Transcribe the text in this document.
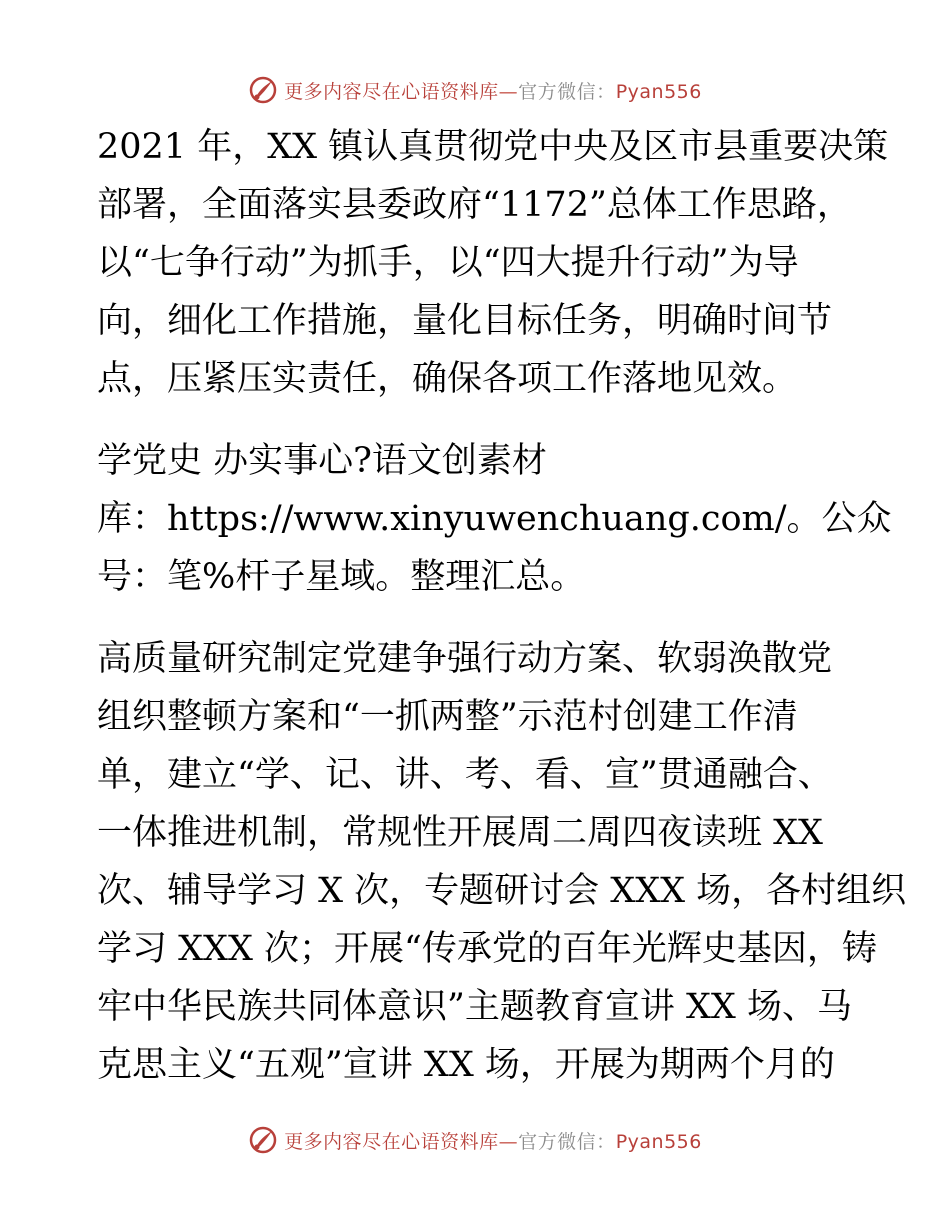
更多内容尽在心语资料库—官方微信：Pyan556
2021 年，XX 镇认真贯彻党中央及区市县重要决策
部署，全面落实县委政府“1172”总体工作思路，
以“七争行动”为抓手，以“四大提升行动”为导
向，细化工作措施，量化目标任务，明确时间节
点，压紧压实责任，确保各项工作落地见效。
学党史 办实事心?语文创素材
库：https://www.xinyuwenchuang.com/。公众
号：笔%杆子星域。整理汇总。
高质量研究制定党建争强行动方案、软弱涣散党
组织整顿方案和“一抓两整”示范村创建工作清
单，建立“学、记、讲、考、看、宣”贯通融合、
一体推进机制，常规性开展周二周四夜读班 XX
次、辅导学习 X 次，专题研讨会 XXX 场，各村组织
学习 XXX 次；开展“传承党的百年光辉史基因，铸
牢中华民族共同体意识”主题教育宣讲 XX 场、马
克思主义“五观”宣讲 XX 场，开展为期两个月的
更多内容尽在心语资料库—官方微信：Pyan556
